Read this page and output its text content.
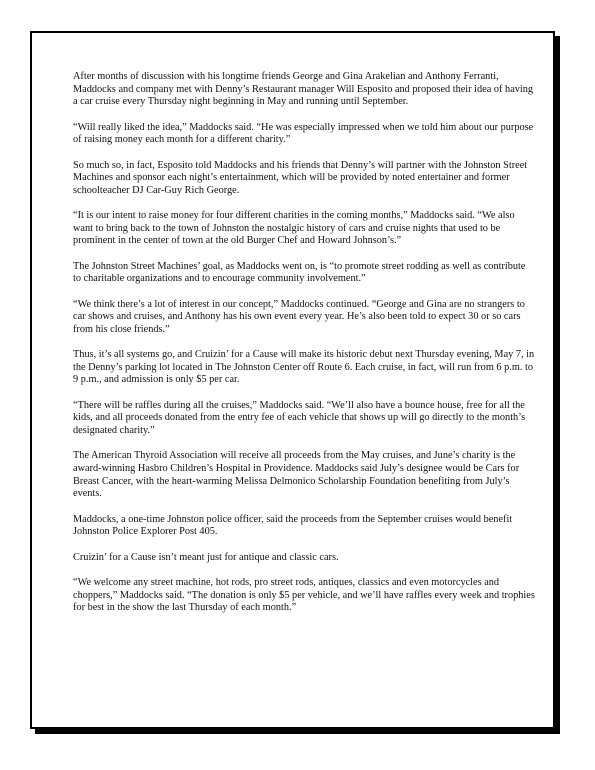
After months of discussion with his longtime friends George and Gina Arakelian and Anthony Ferranti, Maddocks and company met with Denny’s Restaurant manager Will Esposito and proposed their idea of having a car cruise every Thursday night beginning in May and running until September.

“Will really liked the idea,” Maddocks said. “He was especially impressed when we told him about our purpose of raising money each month for a different charity.”

So much so, in fact, Esposito told Maddocks and his friends that Denny’s will partner with the Johnston Street Machines and sponsor each night’s entertainment, which will be provided by noted entertainer and former schoolteacher DJ Car-Guy Rich George.

“It is our intent to raise money for four different charities in the coming months,” Maddocks said. “We also want to bring back to the town of Johnston the nostalgic history of cars and cruise nights that used to be prominent in the center of town at the old Burger Chef and Howard Johnson’s.”

The Johnston Street Machines’ goal, as Maddocks went on, is “to promote street rodding as well as contribute to charitable organizations and to encourage community involvement.”

“We think there’s a lot of interest in our concept,” Maddocks continued. “George and Gina are no strangers to car shows and cruises, and Anthony has his own event every year. He’s also been told to expect 30 or so cars from his close friends.”

Thus, it’s all systems go, and Cruizin’ for a Cause will make its historic debut next Thursday evening, May 7, in the Denny’s parking lot located in The Johnston Center off Route 6. Each cruise, in fact, will run from 6 p.m. to 9 p.m., and admission is only $5 per car.

“There will be raffles during all the cruises,” Maddocks said. “We’ll also have a bounce house, free for all the kids, and all proceeds donated from the entry fee of each vehicle that shows up will go directly to the month’s designated charity.”

The American Thyroid Association will receive all proceeds from the May cruises, and June’s charity is the award-winning Hasbro Children’s Hospital in Providence. Maddocks said July’s designee would be Cars for Breast Cancer, with the heart-warming Melissa Delmonico Scholarship Foundation benefiting from July’s events.

Maddocks, a one-time Johnston police officer, said the proceeds from the September cruises would benefit Johnston Police Explorer Post 405.

Cruizin’ for a Cause isn’t meant just for antique and classic cars.

“We welcome any street machine, hot rods, pro street rods, antiques, classics and even motorcycles and choppers,” Maddocks said. “The donation is only $5 per vehicle, and we’ll have raffles every week and trophies for best in the show the last Thursday of each month.”
